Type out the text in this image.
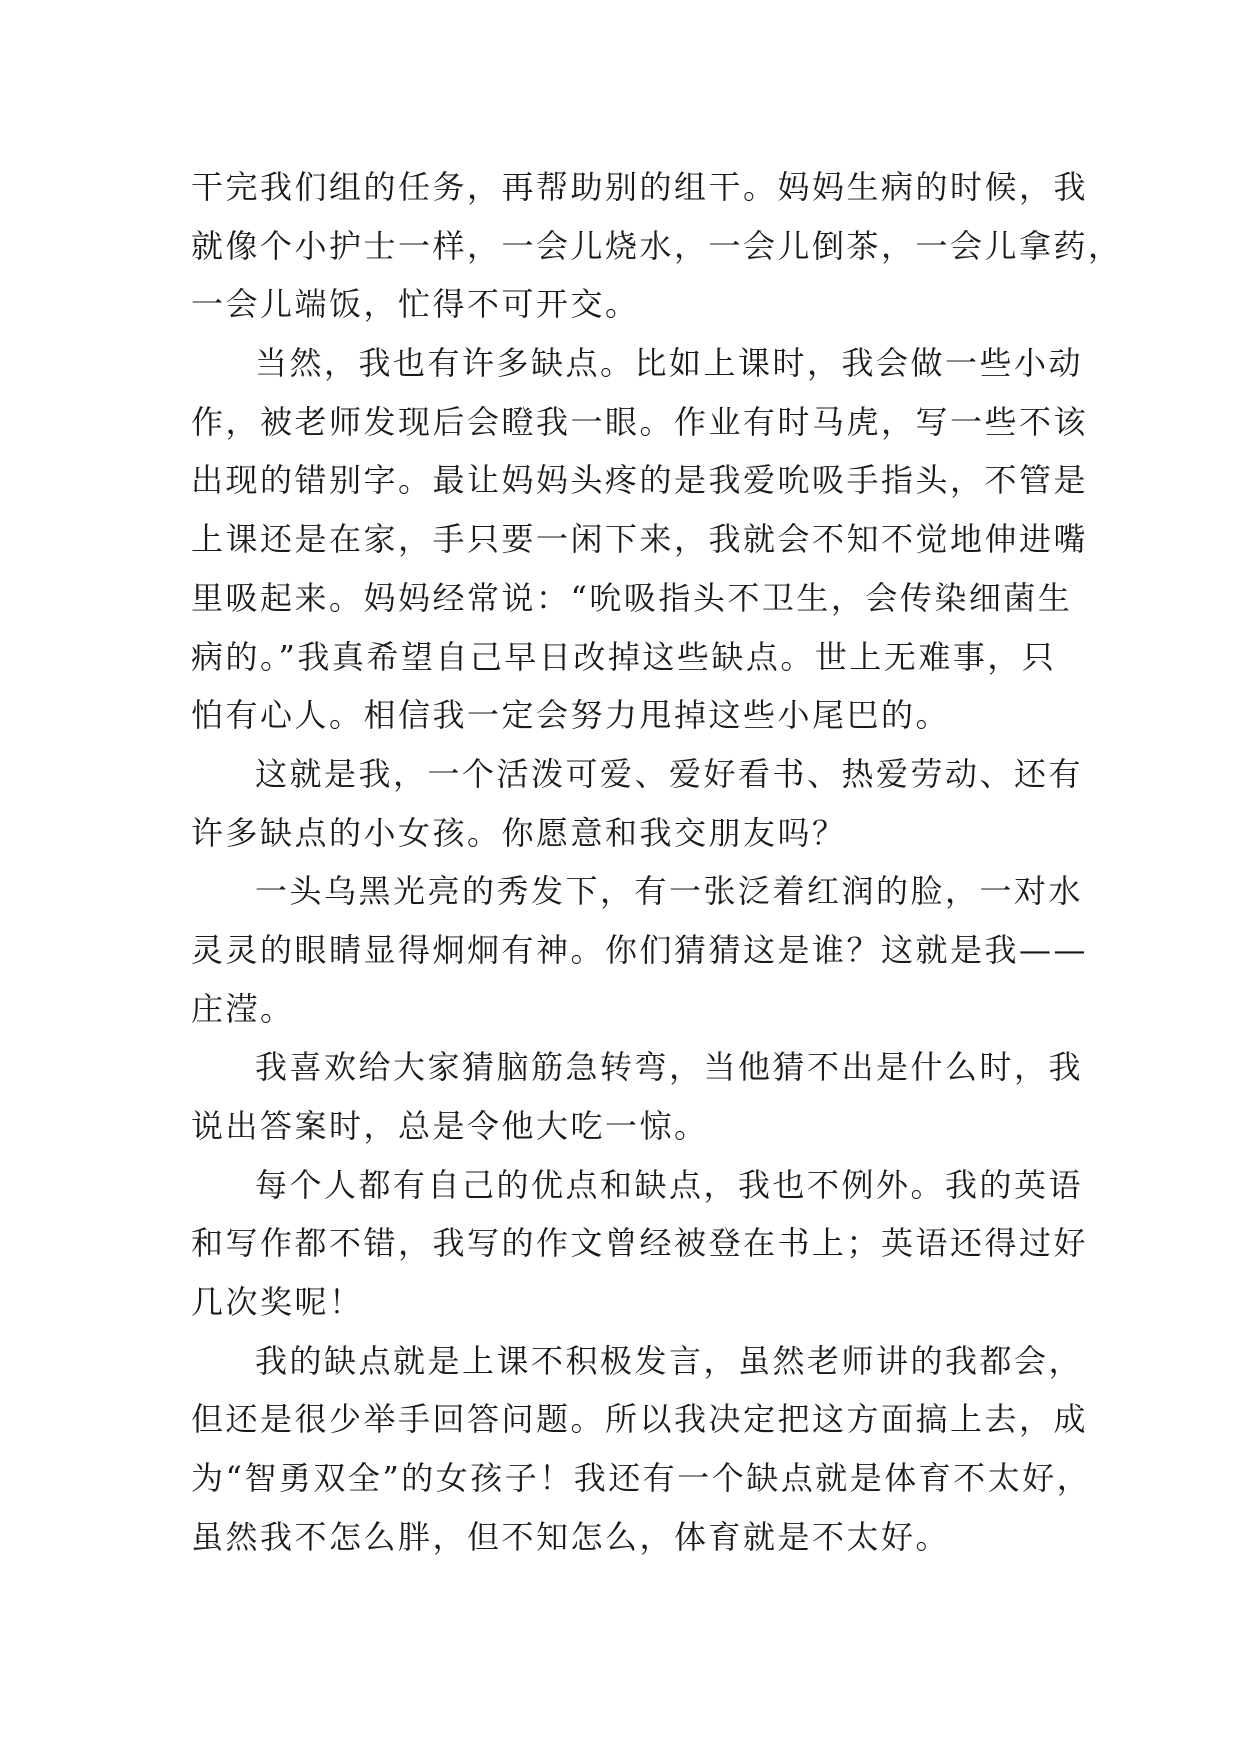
干完我们组的任务，再帮助别的组干。妈妈生病的时候，我
就像个小护士一样，一会儿烧水，一会儿倒茶，一会儿拿药，
一会儿端饭，忙得不可开交。
当然，我也有许多缺点。比如上课时，我会做一些小动
作，被老师发现后会瞪我一眼。作业有时马虎，写一些不该
出现的错别字。最让妈妈头疼的是我爱吮吸手指头，不管是
上课还是在家，手只要一闲下来，我就会不知不觉地伸进嘴
里吸起来。妈妈经常说：“吮吸指头不卫生，会传染细菌生
病的。”我真希望自己早日改掉这些缺点。世上无难事，只
怕有心人。相信我一定会努力甩掉这些小尾巴的。
这就是我，一个活泼可爱、爱好看书、热爱劳动、还有
许多缺点的小女孩。你愿意和我交朋友吗？
一头乌黑光亮的秀发下，有一张泛着红润的脸，一对水
灵灵的眼睛显得炯炯有神。你们猜猜这是谁？这就是我——
庄滢。
我喜欢给大家猜脑筋急转弯，当他猜不出是什么时，我
说出答案时，总是令他大吃一惊。
每个人都有自己的优点和缺点，我也不例外。我的英语
和写作都不错，我写的作文曾经被登在书上；英语还得过好
几次奖呢！
我的缺点就是上课不积极发言，虽然老师讲的我都会，
但还是很少举手回答问题。所以我决定把这方面搞上去，成
为“智勇双全”的女孩子！我还有一个缺点就是体育不太好，
虽然我不怎么胖，但不知怎么，体育就是不太好。
